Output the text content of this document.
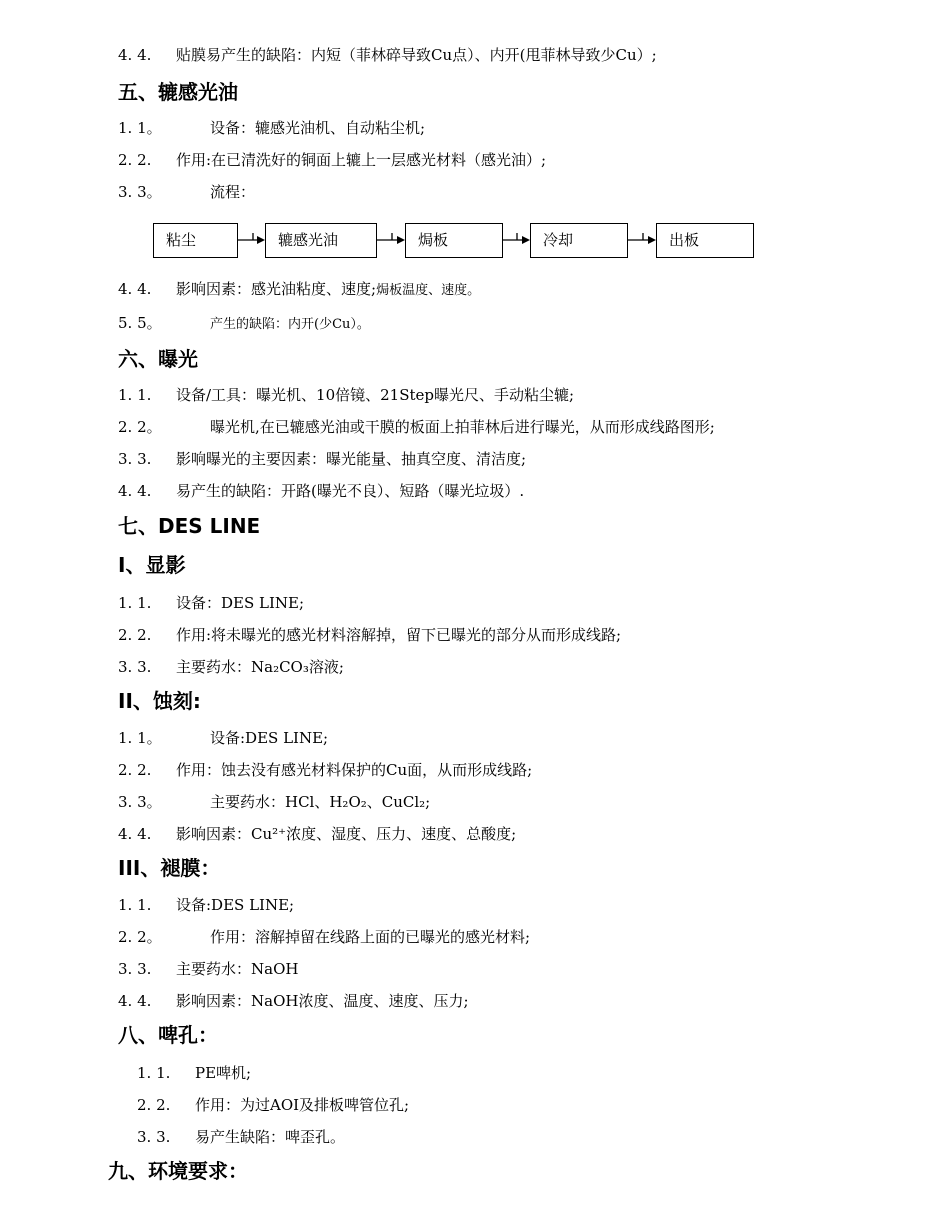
4. 4. 贴膜易产生的缺陷：内短（菲林碎导致Cu点）、内开(甩菲林导致少Cu）;
五、辘感光油
1. 1。	设备：辘感光油机、自动粘尘机;
2. 2. 作用:在已清洗好的铜面上辘上一层感光材料（感光油）;
3. 3。	流程：
粘尘	辘感光油	焗板	冷却	出板
4. 4. 影响因素：感光油粘度、速度;焗板温度、速度。
5. 5。	产生的缺陷：内开(少Cu）。
六、曝光
1. 1. 设备/工具：曝光机、10倍镜、21Step曝光尺、手动粘尘辘;
2. 2。	曝光机,在已辘感光油或干膜的板面上拍菲林后进行曝光，从而形成线路图形;
3. 3. 影响曝光的主要因素：曝光能量、抽真空度、清洁度;
4. 4. 易产生的缺陷：开路(曝光不良）、短路（曝光垃圾）.
七、DES LINE
I、显影
1. 1. 设备：DES LINE;
2. 2. 作用:将未曝光的感光材料溶解掉，留下已曝光的部分从而形成线路;
3. 3. 主要药水：Na₂CO₃溶液;
II、蚀刻:
1. 1。	设备:DES LINE;
2. 2. 作用：蚀去没有感光材料保护的Cu面，从而形成线路;
3. 3。	主要药水：HCl、H₂O₂、CuCl₂;
4. 4. 影响因素：Cu²⁺浓度、湿度、压力、速度、总酸度;
III、褪膜：
1. 1. 设备:DES LINE;
2. 2。	作用：溶解掉留在线路上面的已曝光的感光材料;
3. 3. 主要药水：NaOH
4. 4. 影响因素：NaOH浓度、温度、速度、压力;
八、啤孔：
1. 1. PE啤机;
2. 2. 作用：为过AOI及排板啤管位孔;
3. 3. 易产生缺陷：啤歪孔。
九、环境要求：
